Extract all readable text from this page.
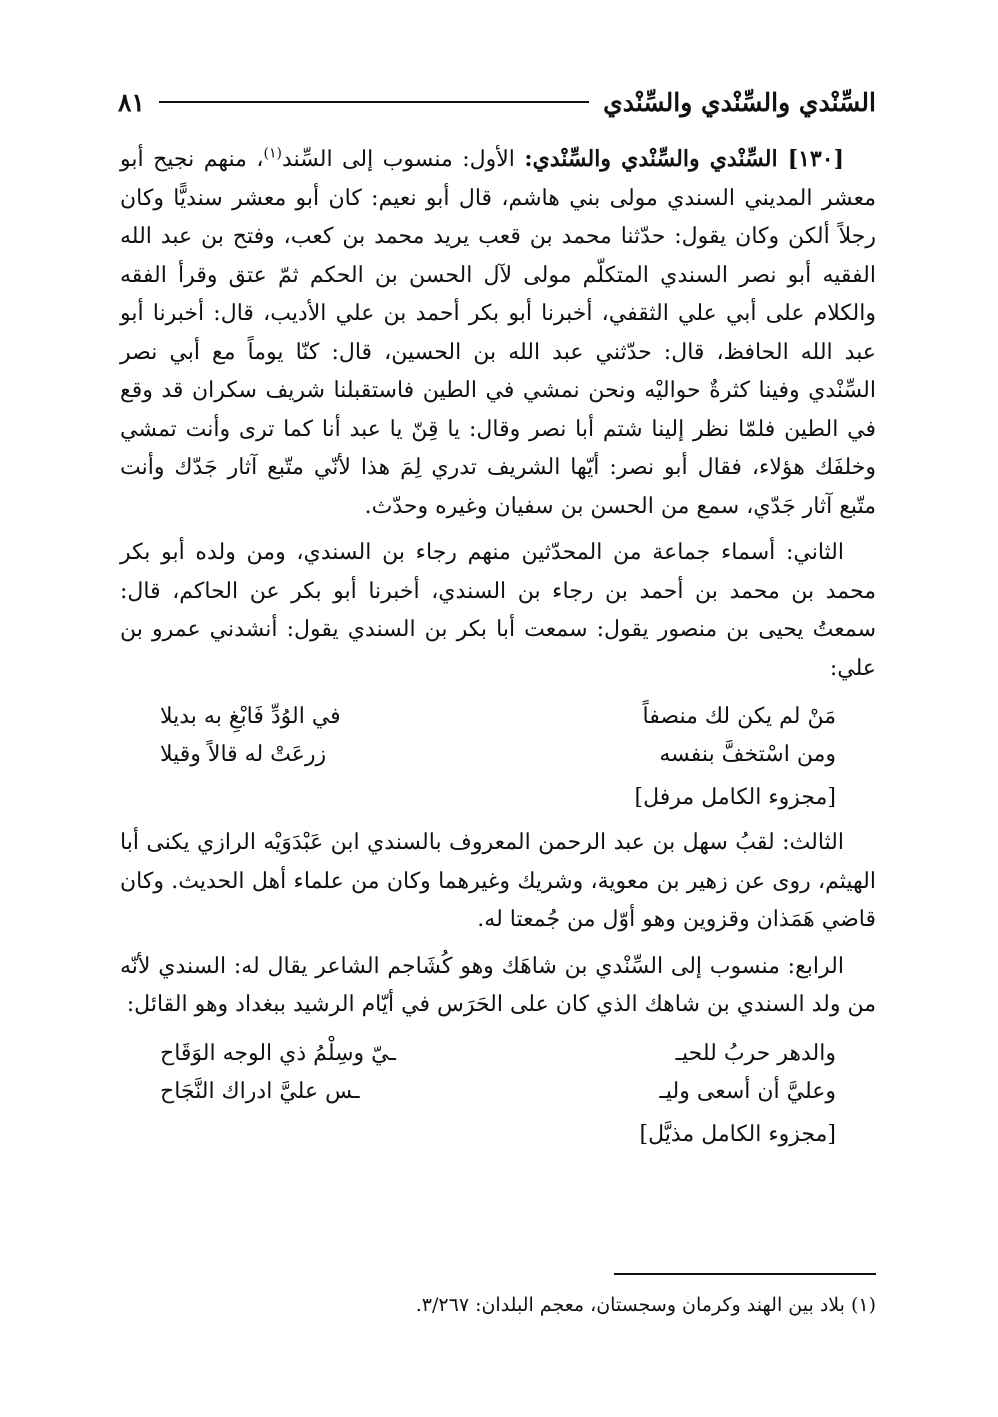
السِّنْدي والسِّنْدي والسِّنْدي
٨١

[١٣٠] السِّنْدي والسِّنْدي والسِّنْدي: الأول: منسوب إلى السِّند$^{(١)}$، منهم نجيح أبو معشر المديني السندي مولى بني هاشم، قال أبو نعيم: كان أبو معشر سنديًّا وكان رجلاً ألكن وكان يقول: حدّثنا محمد بن قعب يريد محمد بن كعب، وفتح بن عبد الله الفقيه أبو نصر السندي المتكلّم مولى لآل الحسن بن الحكم ثمّ عتق وقرأ الفقه والكلام على أبي علي الثقفي، أخبرنا أبو بكر أحمد بن علي الأديب، قال: أخبرنا أبو عبد الله الحافظ، قال: حدّثني عبد الله بن الحسين، قال: كنّا يوماً مع أبي نصر السِّنْدي وفينا كثرةٌ حواليْه ونحن نمشي في الطين فاستقبلنا شريف سكران قد وقع في الطين فلمّا نظر إلينا شتم أبا نصر وقال: يا قِنّ يا عبد أنا كما ترى وأنت تمشي وخلفَك هؤلاء، فقال أبو نصر: أيّها الشريف تدري لِمَ هذا لأنّي متّبع آثار جَدّك وأنت متّبع آثار جَدّي، سمع من الحسن بن سفيان وغيره وحدّث.

الثاني: أسماء جماعة من المحدّثين منهم رجاء بن السندي، ومن ولده أبو بكر محمد بن محمد بن أحمد بن رجاء بن السندي، أخبرنا أبو بكر عن الحاكم، قال: سمعتُ يحيى بن منصور يقول: سمعت أبا بكر بن السندي يقول: أنشدني عمرو بن علي:

مَنْ لم يكن لك منصفاً
في الوُدِّ فَابْغِ به بديلا
ومن اسْتخفَّ بنفسه
زرعَتْ له قالاً وقيلا
[مجزوء الكامل مرفل]

الثالث: لقبُ سهل بن عبد الرحمن المعروف بالسندي ابن عَبْدَوَيْه الرازي يكنى أبا الهيثم، روى عن زهير بن معوية، وشريك وغيرهما وكان من علماء أهل الحديث. وكان قاضي هَمَذان وقزوين وهو أوّل من جُمعتا له.

الرابع: منسوب إلى السِّنْدي بن شاهَك وهو كُشَاجم الشاعر يقال له: السندي لأنّه من ولد السندي بن شاهك الذي كان على الحَرَس في أيّام الرشيد ببغداد وهو القائل:

والدهر حربُ للحيـ
ـيّ وسِلْمُ ذي الوجه الوَقَاح
وعليَّ أن أسعى وليـ
ـس عليَّ ادراك النَّجَاح
[مجزوء الكامل مذيَّل]
(١) بلاد بين الهند وكرمان وسجستان، معجم البلدان: ٣/٢٦٧.
